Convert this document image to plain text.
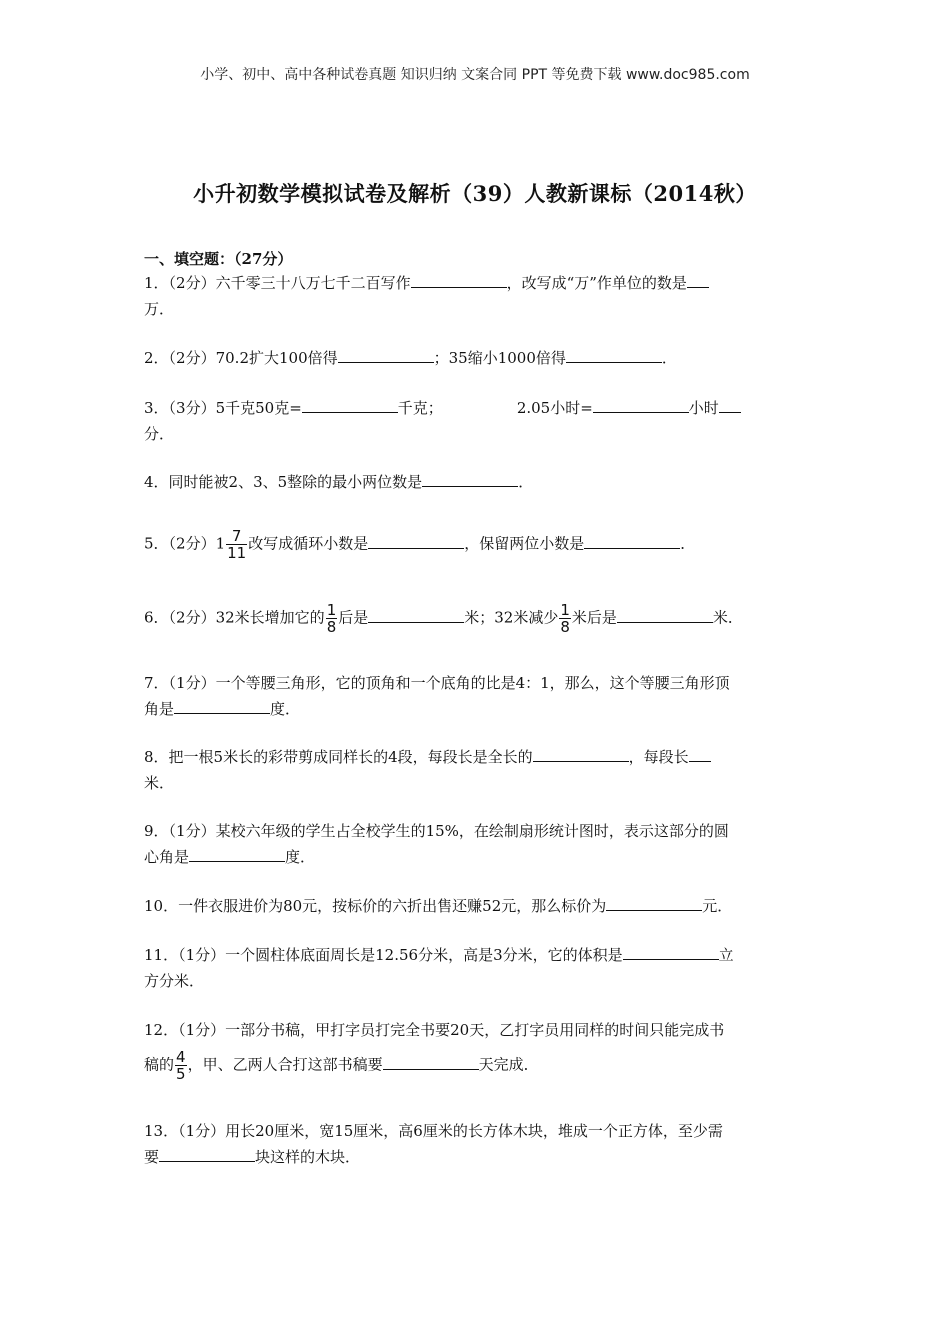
小学、初中、高中各种试卷真题 知识归纳 文案合同 PPT 等免费下载 www.doc985.com
小升初数学模拟试卷及解析（39）人教新课标（2014秋）
一、填空题：（27分）
1．（2分）六千零三十八万七千二百写作	，改写成“万”作单位的数是
万．
2．（2分）70.2扩大100倍得	；35缩小1000倍得	．
3．（3分）5千克50克=	千克；	2.05小时=	小时
分．
4．同时能被2、3、5整除的最小两位数是	．
5．（2分）$1 \frac{7}{11}$ 改写成循环小数是	，保留两位小数是	．
6．（2分）32米长增加它的 $\frac{1}{8}$ 后是	米；32米减少 $\frac{1}{8}$ 米后是	米．
7．（1分）一个等腰三角形，它的顶角和一个底角的比是4：1，那么，这个等腰三角形顶
角是	度．
8．把一根5米长的彩带剪成同样长的4段，每段长是全长的	，每段长
米．
9．（1分）某校六年级的学生占全校学生的15%，在绘制扇形统计图时，表示这部分的圆
心角是	度．
10．一件衣服进价为80元，按标价的六折出售还赚52元，那么标价为	元．
11．（1分）一个圆柱体底面周长是12.56分米，高是3分米，它的体积是	立
方分米．
12．（1分）一部分书稿，甲打字员打完全书要20天，乙打字员用同样的时间只能完成书
稿的 $\frac{4}{5}$ ，甲、乙两人合打这部书稿要	天完成．
13．（1分）用长20厘米，宽15厘米，高6厘米的长方体木块，堆成一个正方体，至少需
要	块这样的木块．
